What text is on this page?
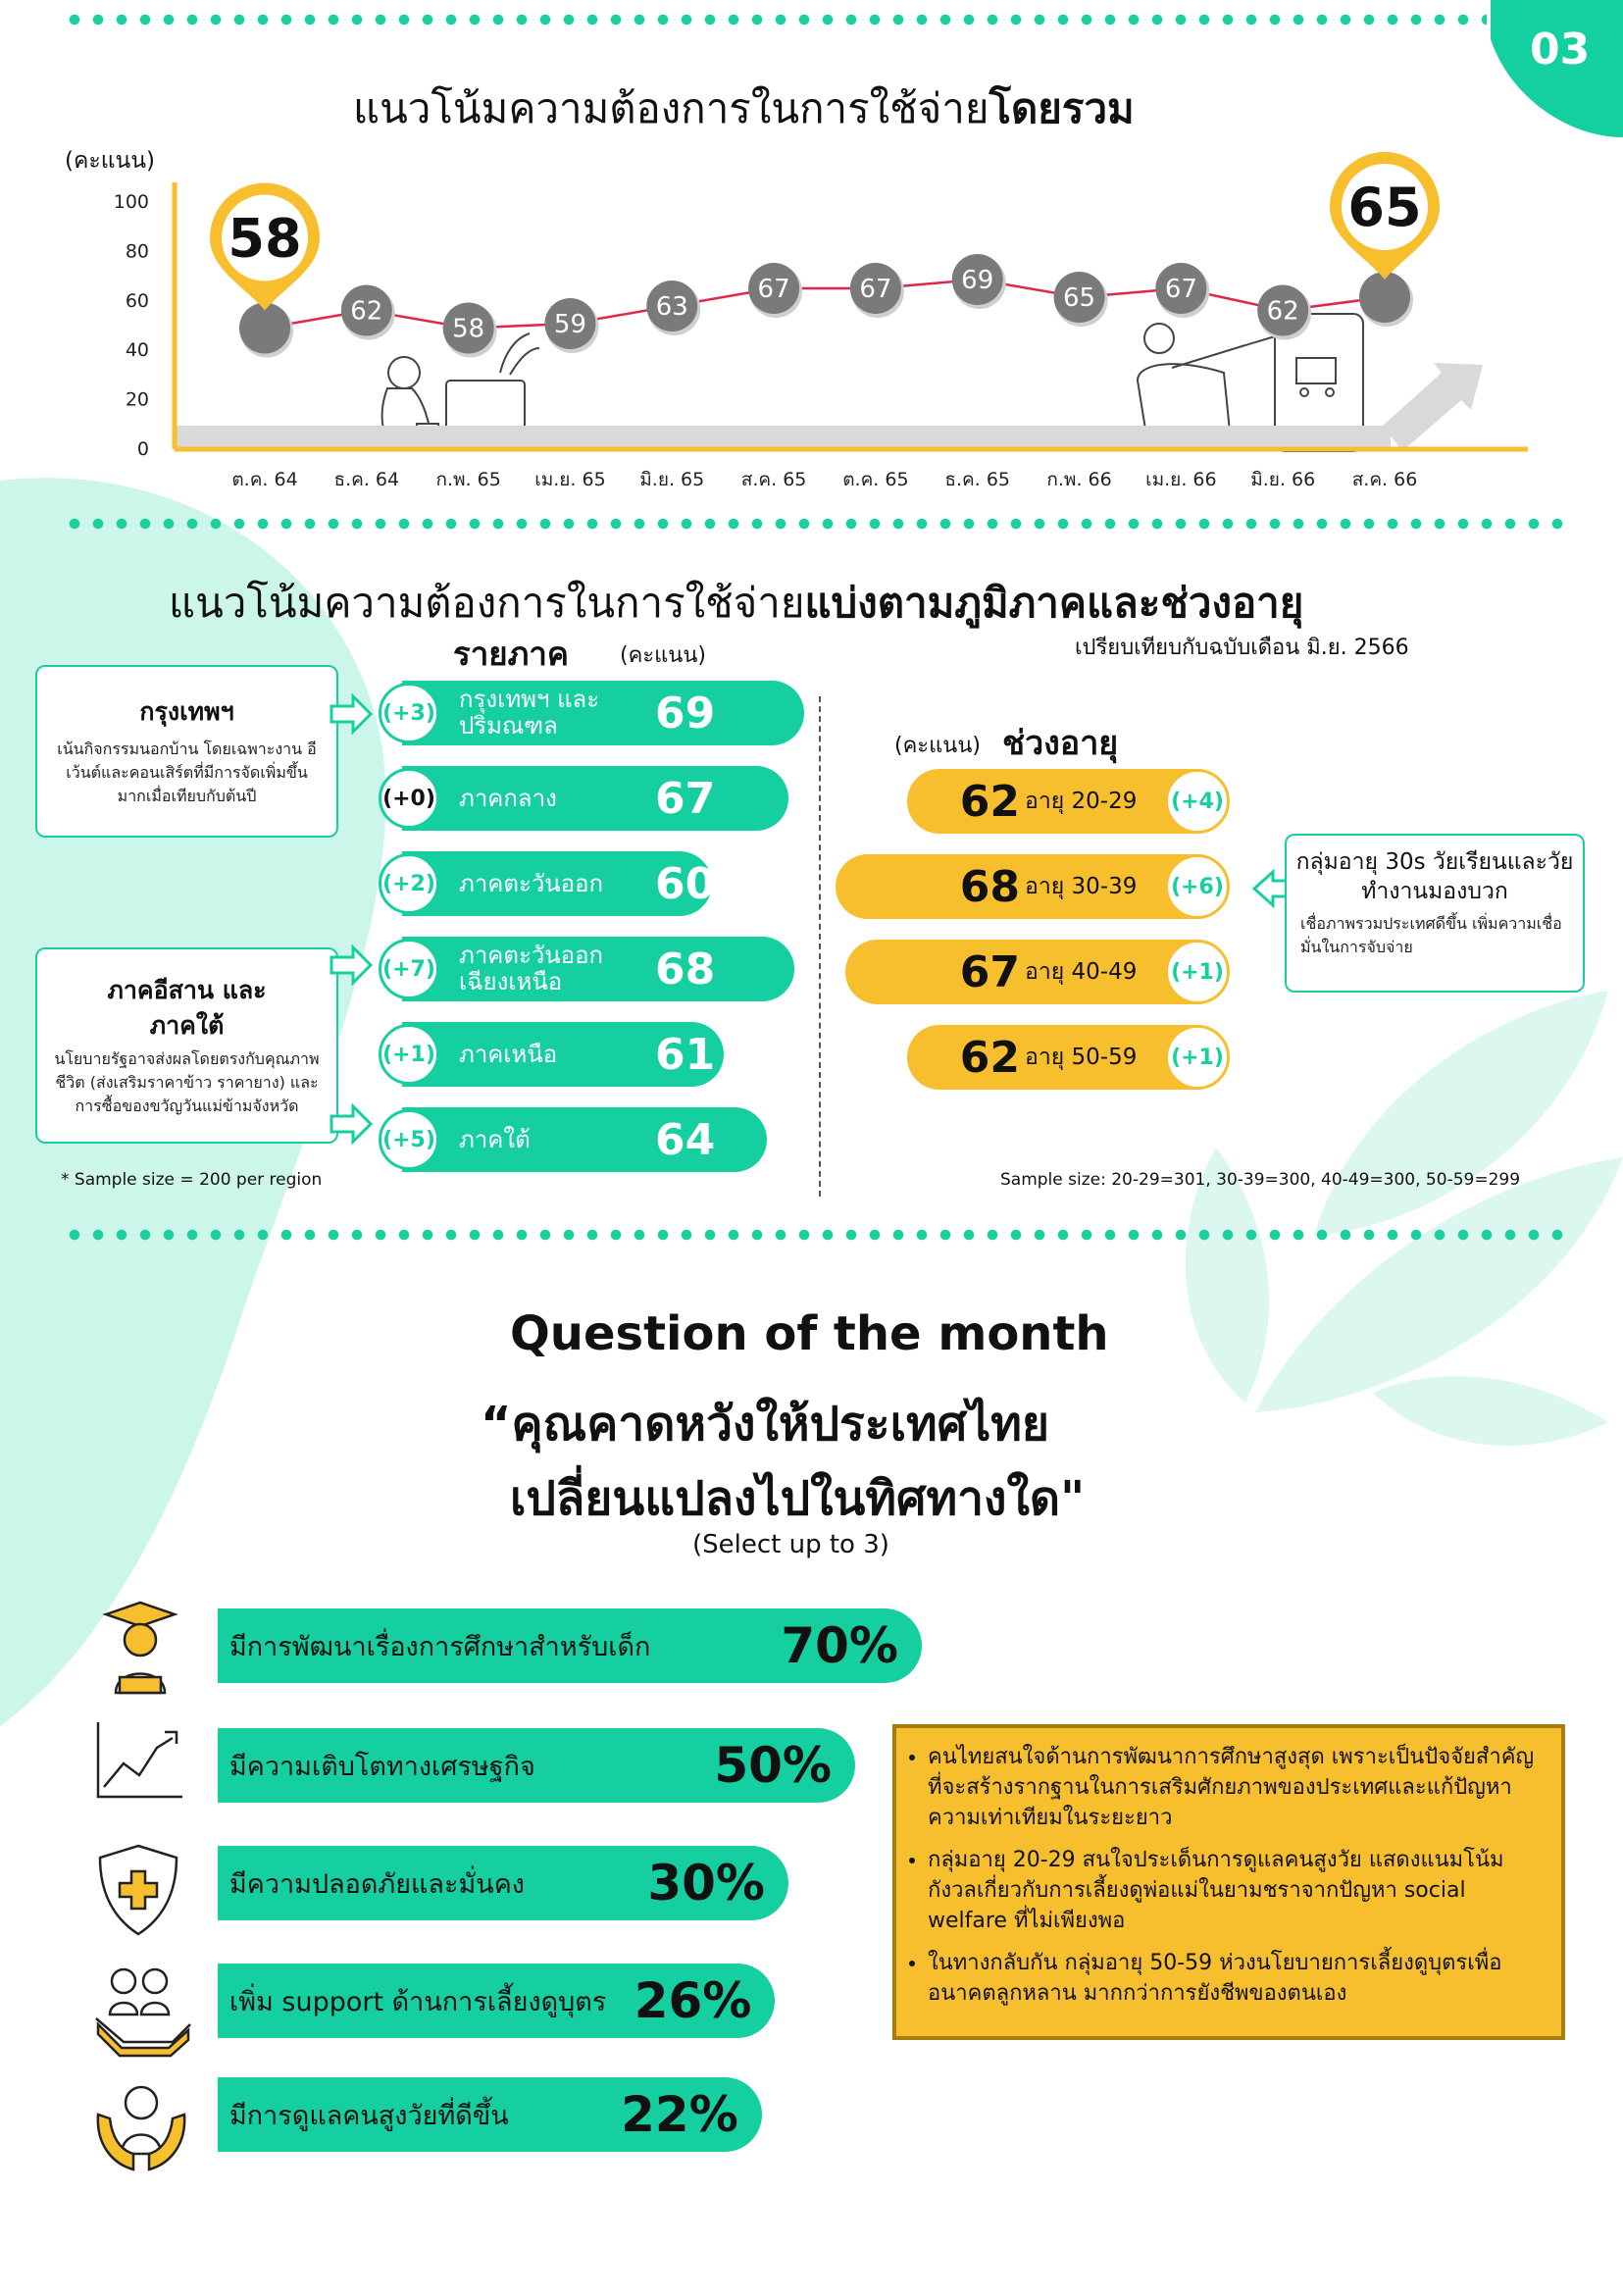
03
แนวโน้มความต้องการในการใช้จ่ายโดยรวม
(คะแนน)
0
20
40
60
80
100
ต.ค. 64
62
ธ.ค. 64
58
ก.พ. 65
59
เม.ย. 65
63
มิ.ย. 65
67
ส.ค. 65
67
ต.ค. 65
69
ธ.ค. 65
65
ก.พ. 66
67
เม.ย. 66
62
มิ.ย. 66 ส.ค. 66
58	65
แนวโน้มความต้องการในการใช้จ่ายแบ่งตามภูมิภาคและช่วงอายุ
เปรียบเทียบกับฉบับเดือน มิ.ย. 2566
รายภาค (คะแนน)
กรุงเทพฯ และปริมณฑล	69
(+3)
ภาคกลาง 67
(+0)
ภาคตะวันออก 60
(+2)
ภาคตะวันออก เฉียงเหนือ	68
(+7)
ภาคเหนือ 61
(+1)
ภาคใต้	64
(+5)
กรุงเทพฯ
เน้นกิจกรรมนอกบ้าน โดยเฉพาะงาน อีเว้นต์และคอนเสิร์ตที่มีการจัดเพิ่มขึ้น มากเมื่อเทียบกับต้นปี
ภาคอีสาน และภาคใต้
นโยบายรัฐอาจส่งผลโดยตรงกับคุณภาพ ชีวิต (ส่งเสริมราคาข้าว ราคายาง) และการซื้อของขวัญวันแม่ข้ามจังหวัด
* Sample size = 200 per region
(คะแนน) ช่วงอายุ
62 อายุ 20-29 (+4)
68 อายุ 30-39 (+6)
67 อายุ 40-49 (+1)
62 อายุ 50-59 (+1)
กลุ่มอายุ 30s วัยเรียนและวัยทำงานมองบวก
เชื่อภาพรวมประเทศดีขึ้น เพิ่มความเชื่อ มั่นในการจับจ่าย
Sample size: 20-29=301, 30-39=300, 40-49=300, 50-59=299
Question of the month
“คุณคาดหวังให้ประเทศไทย
เปลี่ยนแปลงไปในทิศทางใด"
(Select up to 3)
มีการพัฒนาเรื่องการศึกษาสำหรับเด็ก	70%
มีความเติบโตทางเศรษฐกิจ	50%
มีความปลอดภัยและมั่นคง	30%
เพิ่ม support ด้านการเลี้ยงดูบุตร 26%
มีการดูแลคนสูงวัยที่ดีขึ้น 22%
• คนไทยสนใจด้านการพัฒนาการศึกษาสูงสุด เพราะเป็นปัจจัยสำคัญที่จะสร้างรากฐานในการเสริมศักยภาพของประเทศและแก้ปัญหาความเท่าเทียมในระยะยาว
• กลุ่มอายุ 20-29 สนใจประเด็นการดูแลคนสูงวัย แสดงแนมโน้มกังวลเกี่ยวกับการเลี้ยงดูพ่อแม่ในยามชราจากปัญหา social welfare ที่ไม่เพียงพอ
• ในทางกลับกัน กลุ่มอายุ 50-59 ห่วงนโยบายการเลี้ยงดูบุตรเพื่ออนาคตลูกหลาน มากกว่าการยังชีพของตนเอง
